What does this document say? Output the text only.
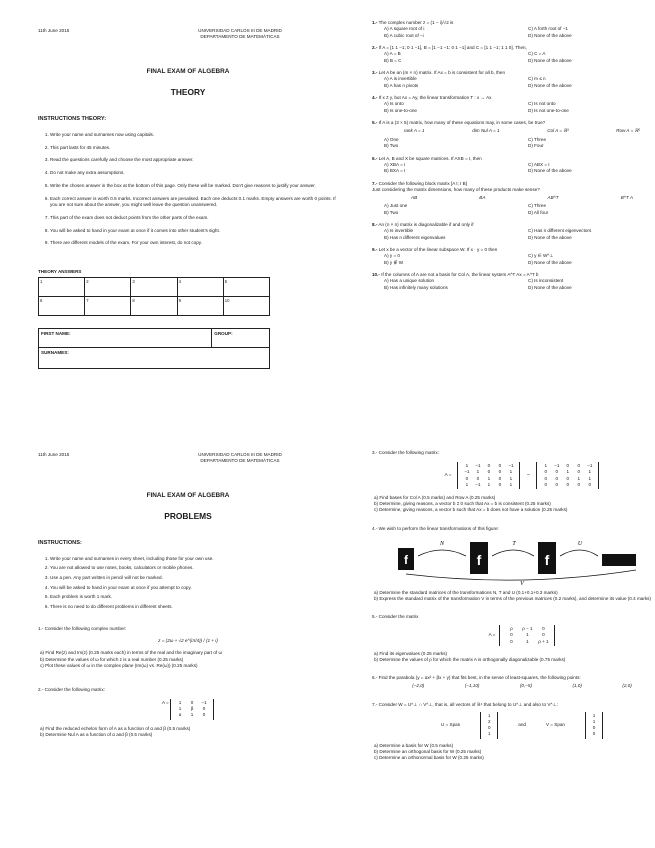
11th June 2015	UNIVERSIDAD CARLOS III DE MADRID
DEPARTAMENTO DE MATEMÁTICAS
FINAL EXAM OF ALGEBRA
THEORY
INSTRUCTIONS THEORY:
1. Write your name and surnames now using capitals.
2. This part lasts for 45 minutes.
3. Read the questions carefully and choose the most appropriate answer.
4. Do not make any extra assumptions.
5. Write the chosen answer in the box at the bottom of this page. Only these will be marked. Don't give reasons to justify your answer.
6. Each correct answer is worth 0.5 marks. Incorrect answers are penalised. Each one deducts 0.1 marks. Empty answers are worth 0 points. If you are not sure about the answer, you might well leave the question unanswered.
7. This part of the exam does not deduct points from the other parts of the exam.
8. You will be asked to hand in your exam at once if it comes into other student's sight.
9. There are different models of the exam. For your own interest, do not copy.
THEORY ANSWERS
1	2	3	4	5
6	7	8	9	10
FIRST NAME:	GROUP:
SURNAMES:
1.- The complex number z = (1 − i)/√2 is
A) A square root of i	C) A forth root of −1
B) A cubic root of −i	D) None of the above
2.- If A = [1 1 −1; 0 1 −1], B = [1 −1 −1; 0 1 −1] and C = [1 1 −1; 1 1 0]. Then,
A) A = B	C) C = A
B) B = C	D) None of the above
3.- Let A be an (m × n) matrix. If Ax = b is consistent for all b, then
A) A is invertible	C) m ≤ n
B) A has n pivots	D) None of the above
4.- If x ≠ y, but Ax = Ay, the linear transformation T : x → Ax
A) Is onto	C) Is not onto
B) Is one-to-one	D) Is not one-to-one
5.- If A is a (3 × 5) matrix, how many of these equations may, in some cases, be true?
rank A = 1	dim Nul A = 1	Col A = ℝ³	Row A = ℝ⁵
A) One	C) Three
B) Two	D) Four
6.- Let A, B and X be square matrices. If AXB = I, then
A) XBA = I	C) ABX = I
B) BXA = I	D) None of the above
7.- Consider the following block matrix [A I; I B]
Just considering the matrix dimensions, how many of these products make sense?
AB	BA	AB^T	B^T A
A) Just one	C) Three
B) Two	D) All four
8.- An (n × n) matrix is diagonalizable if and only if
A) Is invertible	C) Has n different eigenvectors
B) Has n different eigenvalues	D) None of the above
9.- Let x be a vector of the linear subspace W. If x · y = 0 then
A) y = 0	C) y ∈ W^⊥
B) y ∉ W	D) None of the above
10.- If the columns of A are not a basis for Col A, the linear system A^T Ax = A^T b
A) Has a unique solution	C) Is inconsistent
B) Has infinitely many solutions	D) None of the above
11th June 2015	UNIVERSIDAD CARLOS III DE MADRID
DEPARTAMENTO DE MATEMÁTICAS
FINAL EXAM OF ALGEBRA
PROBLEMS
INSTRUCTIONS:
1. Write your name and surnames in every sheet, including those for your own use.
2. You are not allowed to use notes, books, calculators or mobile phones.
3. Use a pen. Any part written in pencil will not be marked.
4. You will be asked to hand in your exam at once if you attempt to copy.
5. Each problem is worth 1 mark.
6. There is no need to do different problems in different sheets.
1.- Consider the following complex number:
z = (2ω + √2 e^{iπ/4}) / (1 + i)
a) Find Re(z) and Im(z) (0.25 marks each) in terms of the real and the imaginary part of ω
b) Determine the values of ω for which z is a real number (0.25 marks)
c) Plot these values of ω in the complex plane (Im(ω) vs. Re(ω)) (0.25 marks)
2.- Consider the following matrix:
A =	1	0	−1
1	β	0
α	1	0
a) Find the reduced echelon form of A as a function of α and β (0.5 marks)
b) Determine Nul A as a function of α and β (0.5 marks)
3.- Consider the following matrix:
A =
1	−1	0	0	−1
−1	1	0	0	1
0	0	1	0	1
1	−1	1	0	1
∼
1	−1	0	0	−1
0	0	1	0	1
0	0	0	1	1
0	0	0	0	0
a) Find bases for Col A (0.5 marks) and Row A (0.25 marks)
b) Determine, giving reasons, a vector b ≠ 0 such that Ax = b is consistent (0.25 marks)
c) Determine, giving reasons, a vector b such that Ax = b does not have a solution (0.25 marks)
4.- We wish to perform the linear transformations of this figure:
f	f	f
N	T	U
V
a) Determine the standard matrices of the transformations N, T and U (0.1+0.1+0.3 marks)
b) Express the standard matrix of the transformation V in terms of the previous matrices (0.2 marks), and determine its value (0.4 marks)
5.- Consider the matrix
A =
ρ	ρ − 1	0
0	1	0
0	1	ρ + 1
a) Find its eigenvalues (0.25 marks)
b) Determine the values of ρ for which the matrix A is orthogonally diagonalizable (0.75 marks)
6.- Find the parabola (y = αx² + βx + γ) that fits best, in the sense of least-squares, the following points:
(−2,0)	(−1,10)	(0,−5)	(1,0)	(2,0)
7.- Consider W = U^⊥ ∩ V^⊥, that is, all vectors of ℝ⁴ that belong to U^⊥ and also to V^⊥:
U = Span
1
2
0
1
and	V = Span
1
1
0
0
a) Determine a basis for W (0.5 marks)
b) Determine an orthogonal basis for W (0.25 marks)
c) Determine an orthonormal basis for W (0.25 marks)
